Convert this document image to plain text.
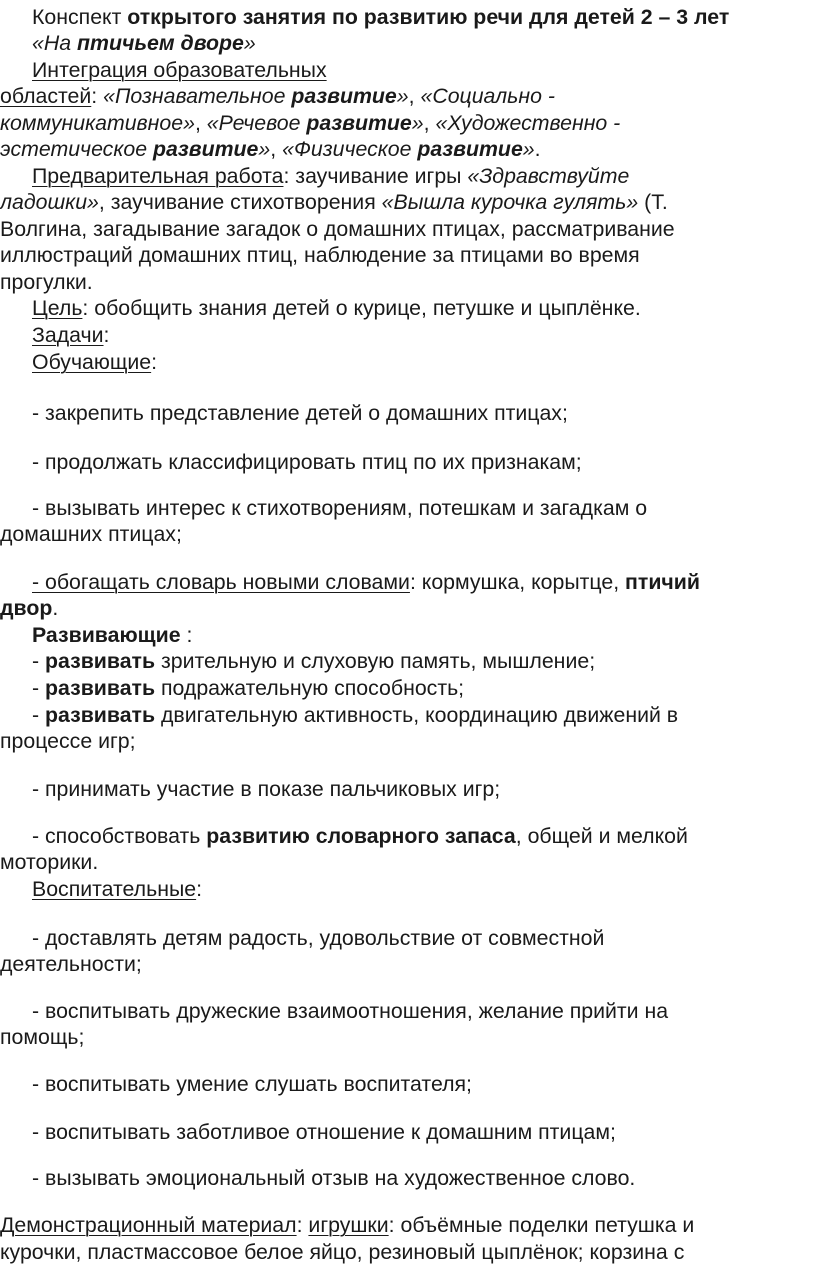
Конспект открытого занятия по развитию речи для детей 2 – 3 лет
«На птичьем дворе»
Интеграция образовательных
областей: «Познавательное развитие», «Социально -
коммуникативное», «Речевое развитие», «Художественно -
эстетическое развитие», «Физическое развитие».
Предварительная работа: заучивание игры «Здравствуйте
ладошки», заучивание стихотворения «Вышла курочка гулять» (Т.
Волгина, загадывание загадок о домашних птицах, рассматривание
иллюстраций домашних птиц, наблюдение за птицами во время
прогулки.
Цель: обобщить знания детей о курице, петушке и цыплёнке.
Задачи:
Обучающие:
- закрепить представление детей о домашних птицах;
- продолжать классифицировать птиц по их признакам;
- вызывать интерес к стихотворениям, потешкам и загадкам о
домашних птицах;
- обогащать словарь новыми словами: кормушка, корытце, птичий
двор.
Развивающие :
- развивать зрительную и слуховую память, мышление;
- развивать подражательную способность;
- развивать двигательную активность, координацию движений в
процессе игр;
- принимать участие в показе пальчиковых игр;
- способствовать развитию словарного запаса, общей и мелкой
моторики.
Воспитательные:
- доставлять детям радость, удовольствие от совместной
деятельности;
- воспитывать дружеские взаимоотношения, желание прийти на
помощь;
- воспитывать умение слушать воспитателя;
- воспитывать заботливое отношение к домашним птицам;
- вызывать эмоциональный отзыв на художественное слово.
Демонстрационный материал: игрушки: объёмные поделки петушка и
курочки, пластмассовое белое яйцо, резиновый цыплёнок; корзина с
